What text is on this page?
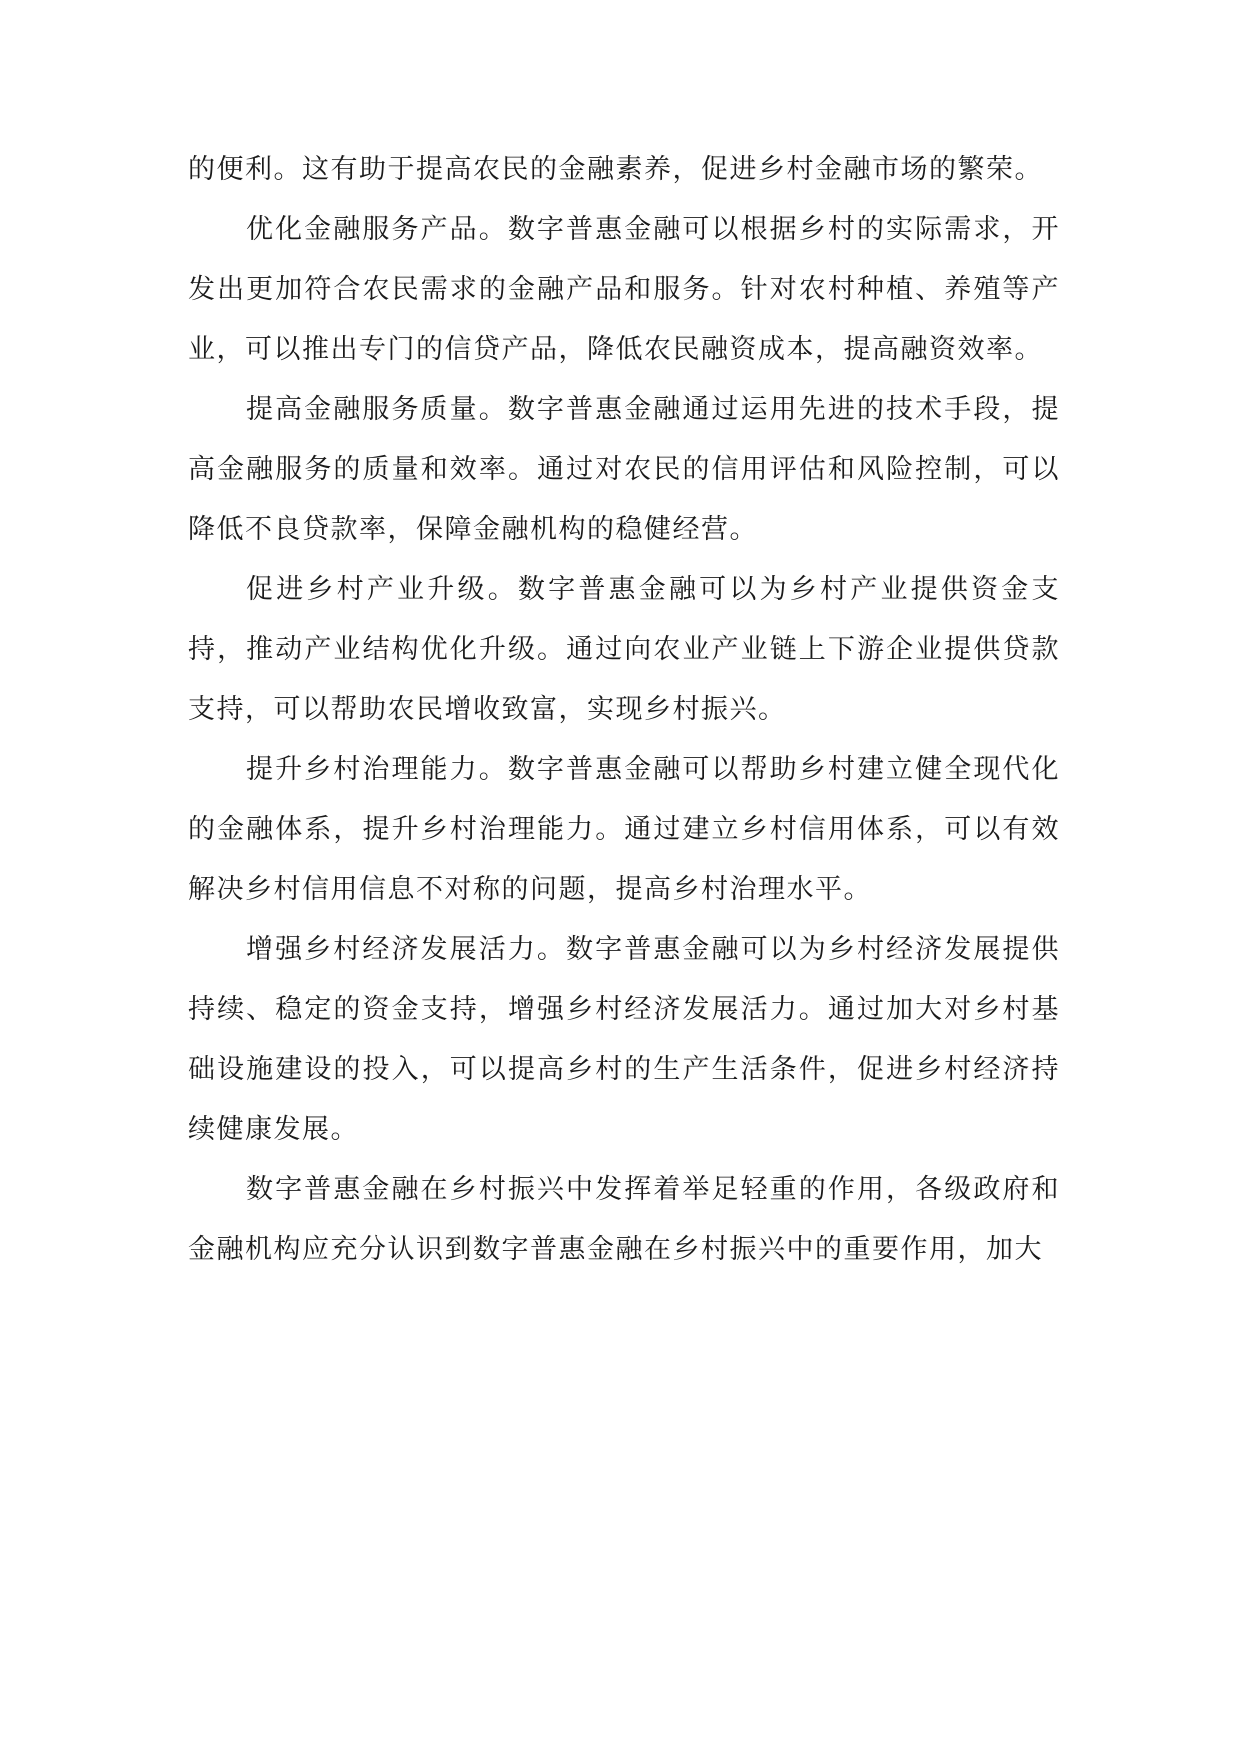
的便利。这有助于提高农民的金融素养，促进乡村金融市场的繁荣。

优化金融服务产品。数字普惠金融可以根据乡村的实际需求，开发出更加符合农民需求的金融产品和服务。针对农村种植、养殖等产业，可以推出专门的信贷产品，降低农民融资成本，提高融资效率。

提高金融服务质量。数字普惠金融通过运用先进的技术手段，提高金融服务的质量和效率。通过对农民的信用评估和风险控制，可以降低不良贷款率，保障金融机构的稳健经营。

促进乡村产业升级。数字普惠金融可以为乡村产业提供资金支持，推动产业结构优化升级。通过向农业产业链上下游企业提供贷款支持，可以帮助农民增收致富，实现乡村振兴。

提升乡村治理能力。数字普惠金融可以帮助乡村建立健全现代化的金融体系，提升乡村治理能力。通过建立乡村信用体系，可以有效解决乡村信用信息不对称的问题，提高乡村治理水平。

增强乡村经济发展活力。数字普惠金融可以为乡村经济发展提供持续、稳定的资金支持，增强乡村经济发展活力。通过加大对乡村基础设施建设的投入，可以提高乡村的生产生活条件，促进乡村经济持续健康发展。

数字普惠金融在乡村振兴中发挥着举足轻重的作用，各级政府和金融机构应充分认识到数字普惠金融在乡村振兴中的重要作用，加大
